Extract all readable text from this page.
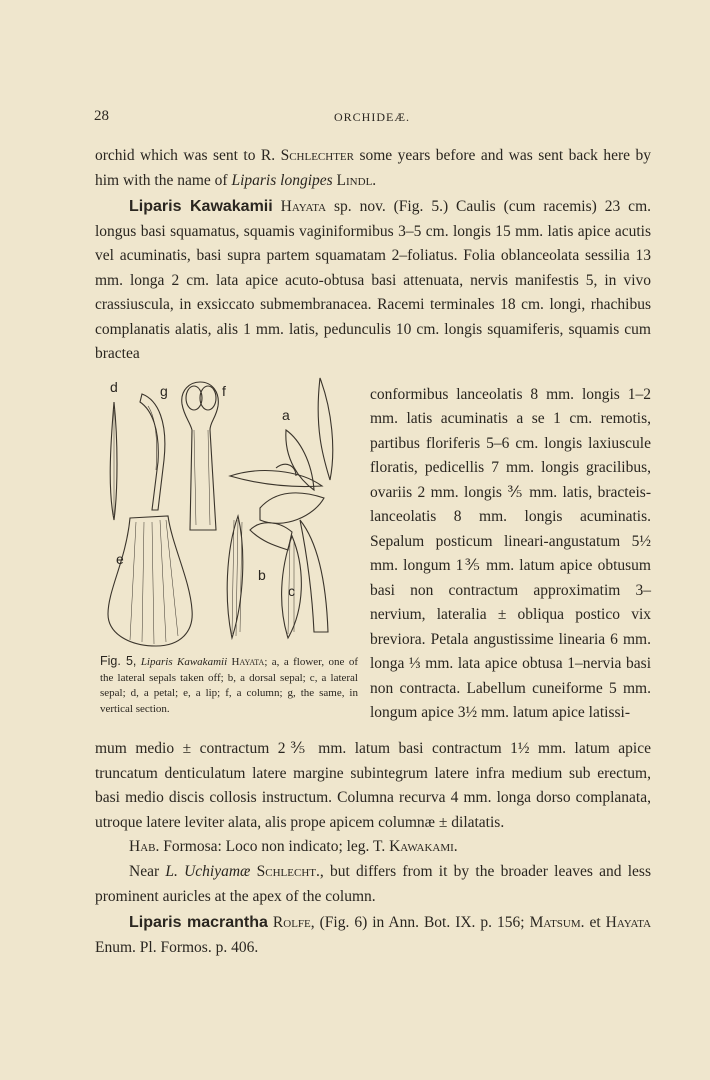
28	ORCHIDEÆ.

orchid which was sent to R. Schlechter some years before and was sent back here by him with the name of Liparis longipes Lindl.

Liparis Kawakamii Hayata sp. nov. (Fig. 5.) Caulis (cum racemis) 23 cm. longus basi squamatus, squamis vaginiformibus 3–5 cm. longis 15 mm. latis apice acutis vel acuminatis, basi supra partem squamatam 2–foliatus. Folia oblanceolata sessilia 13 mm. longa 2 cm. lata apice acuto-obtusa basi attenuata, nervis manifestis 5, in vivo crassiuscula, in exsiccato submembranacea. Racemi terminales 18 cm. longi, rhachibus complanatis alatis, alis 1 mm. latis, pedunculis 10 cm. longis squamiferis, squamis cum bractea

d	g	f
a
e
b
c
Fig. 5, Liparis Kawakamii Hayata; a, a flower, one of the lateral sepals taken off; b, a dorsal sepal; c, a lateral sepal; d, a petal; e, a lip; f, a column; g, the same, in vertical section.

conformibus lanceolatis 8 mm. longis 1–2 mm. latis acuminatis a se 1 cm. remotis, partibus floriferis 5–6 cm. longis laxiuscule floratis, pedicellis 7 mm. longis gracilibus, ovariis 2 mm. longis ⅗ mm. latis, bracteis-lanceolatis 8 mm. longis acuminatis. Sepalum posticum lineari-angustatum 5½ mm. longum 1⅗ mm. latum apice obtusum basi non contractum approximatim 3–nervium, lateralia ± obliqua postico vix breviora. Petala angustissime linearia 6 mm. longa ⅓ mm. lata apice obtusa 1–nervia basi non contracta. Labellum cuneiforme 5 mm. longum apice 3½ mm. latum apice latissi-

mum medio ± contractum 2⅗ mm. latum basi contractum 1½ mm. latum apice truncatum denticulatum latere margine subintegrum latere infra medium sub erectum, basi medio discis collosis instructum. Columna recurva 4 mm. longa dorso complanata, utroque latere leviter alata, alis prope apicem columnæ ± dilatatis.

Hab. Formosa: Loco non indicato; leg. T. Kawakami.

Near L. Uchiyamæ Schlecht., but differs from it by the broader leaves and less prominent auricles at the apex of the column.

Liparis macrantha Rolfe, (Fig. 6) in Ann. Bot. IX. p. 156; Matsum. et Hayata Enum. Pl. Formos. p. 406.
